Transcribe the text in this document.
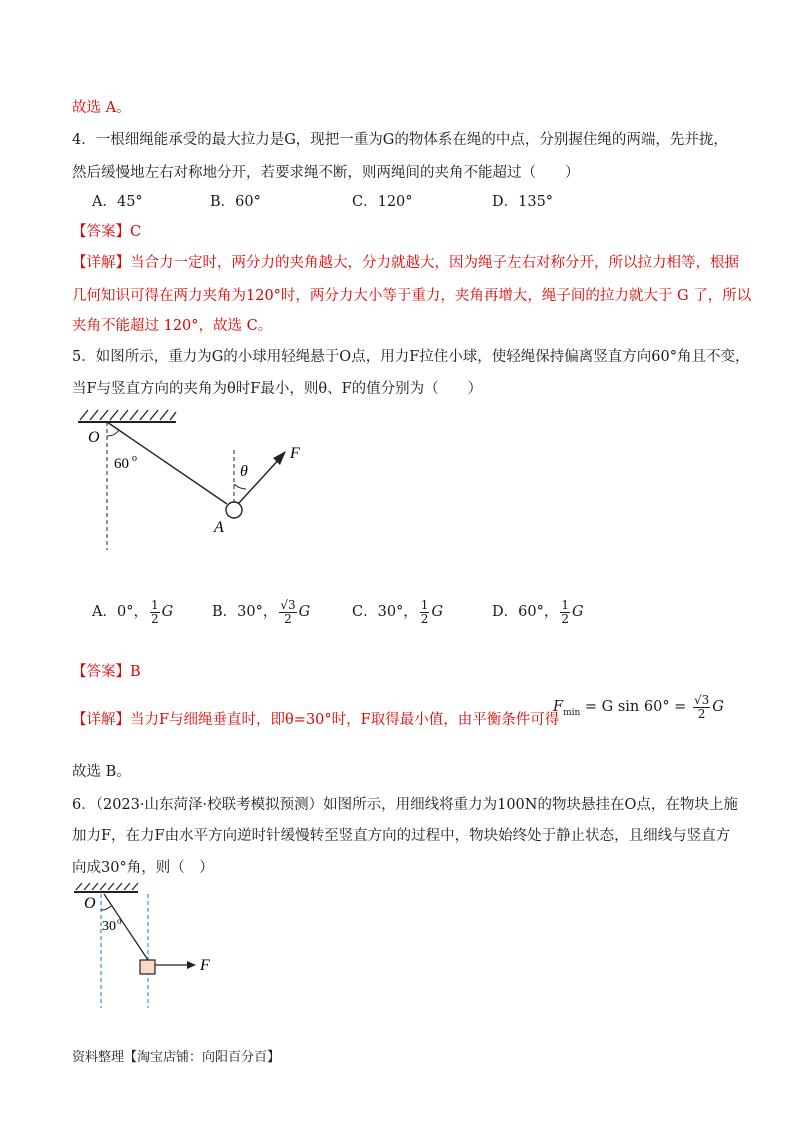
故选 A。
4．一根细绳能承受的最大拉力是G，现把一重为G的物体系在绳的中点，分别握住绳的两端，先并拢，
然后缓慢地左右对称地分开，若要求绳不断，则两绳间的夹角不能超过（　　）
A．45°	B．60°	C．120°	D．135°
【答案】C
【详解】当合力一定时，两分力的夹角越大，分力就越大，因为绳子左右对称分开，所以拉力相等，根据
几何知识可得在两力夹角为120°时，两分力大小等于重力，夹角再增大，绳子间的拉力就大于 G 了，所以
夹角不能超过 120°，故选 C。
5．如图所示，重力为G的小球用轻绳悬于O点，用力F拉住小球，使轻绳保持偏离竖直方向60°角且不变，
当F与竖直方向的夹角为θ时F最小，则θ、F的值分别为（　　）
O
60 o
θ
F
A
A．0°， $\frac{1}{2}$ G	B．30°， $\frac{√3}{2}$ G	C．30°， $\frac{1}{2}$ G	D．60°， $\frac{1}{2}$ G
【答案】B
【详解】当力F与细绳垂直时，即θ=30°时，F取得最小值，由平衡条件可得
$F_{min} = G$ $\sin 60^\circ = \frac{√3}{2}$ G
故选 B。
6．（2023·山东菏泽·校联考模拟预测）如图所示，用细线将重力为100N的物块悬挂在O点，在物块上施
加力F，在力F由水平方向逆时针缓慢转至竖直方向的过程中，物块始终处于静止状态，且细线与竖直方
向成30°角，则（　）
O
30 o
F
资料整理【淘宝店铺：向阳百分百】
